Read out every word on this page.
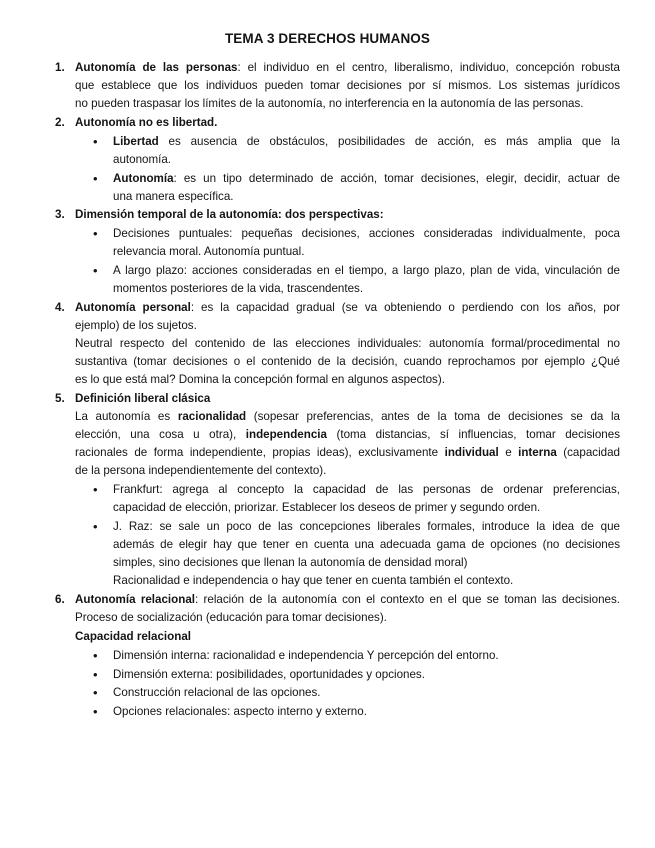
TEMA 3 DERECHOS HUMANOS
1. Autonomía de las personas: el individuo en el centro, liberalismo, individuo, concepción robusta
que establece que los individuos pueden tomar decisiones por sí mismos. Los sistemas jurídicos
no pueden traspasar los límites de la autonomía, no interferencia en la autonomía de las personas.
2. Autonomía no es libertad.
• Libertad es ausencia de obstáculos, posibilidades de acción, es más amplia que la
autonomía.
• Autonomía: es un tipo determinado de acción, tomar decisiones, elegir, decidir, actuar de
una manera específica.
3. Dimensión temporal de la autonomía: dos perspectivas:
• Decisiones puntuales: pequeñas decisiones, acciones consideradas individualmente, poca
relevancia moral. Autonomía puntual.
• A largo plazo: acciones consideradas en el tiempo, a largo plazo, plan de vida, vinculación de
momentos posteriores de la vida, trascendentes.
4. Autonomía personal: es la capacidad gradual (se va obteniendo o perdiendo con los años, por
ejemplo) de los sujetos.
Neutral respecto del contenido de las elecciones individuales: autonomía formal/procedimental no
sustantiva (tomar decisiones o el contenido de la decisión, cuando reprochamos por ejemplo ¿Qué
es lo que está mal? Domina la concepción formal en algunos aspectos).
5. Definición liberal clásica
La autonomía es racionalidad (sopesar preferencias, antes de la toma de decisiones se da la
elección, una cosa u otra), independencia (toma distancias, sí influencias, tomar decisiones
racionales de forma independiente, propias ideas), exclusivamente individual e interna (capacidad
de la persona independientemente del contexto).
• Frankfurt: agrega al concepto la capacidad de las personas de ordenar preferencias,
capacidad de elección, priorizar. Establecer los deseos de primer y segundo orden.
• J. Raz: se sale un poco de las concepciones liberales formales, introduce la idea de que
además de elegir hay que tener en cuenta una adecuada gama de opciones (no decisiones
simples, sino decisiones que llenan la autonomía de densidad moral)
Racionalidad e independencia o hay que tener en cuenta también el contexto.
6. Autonomía relacional: relación de la autonomía con el contexto en el que se toman las decisiones.
Proceso de socialización (educación para tomar decisiones).
Capacidad relacional
• Dimensión interna: racionalidad e independencia Y percepción del entorno.
• Dimensión externa: posibilidades, oportunidades y opciones.
• Construcción relacional de las opciones.
• Opciones relacionales: aspecto interno y externo.
